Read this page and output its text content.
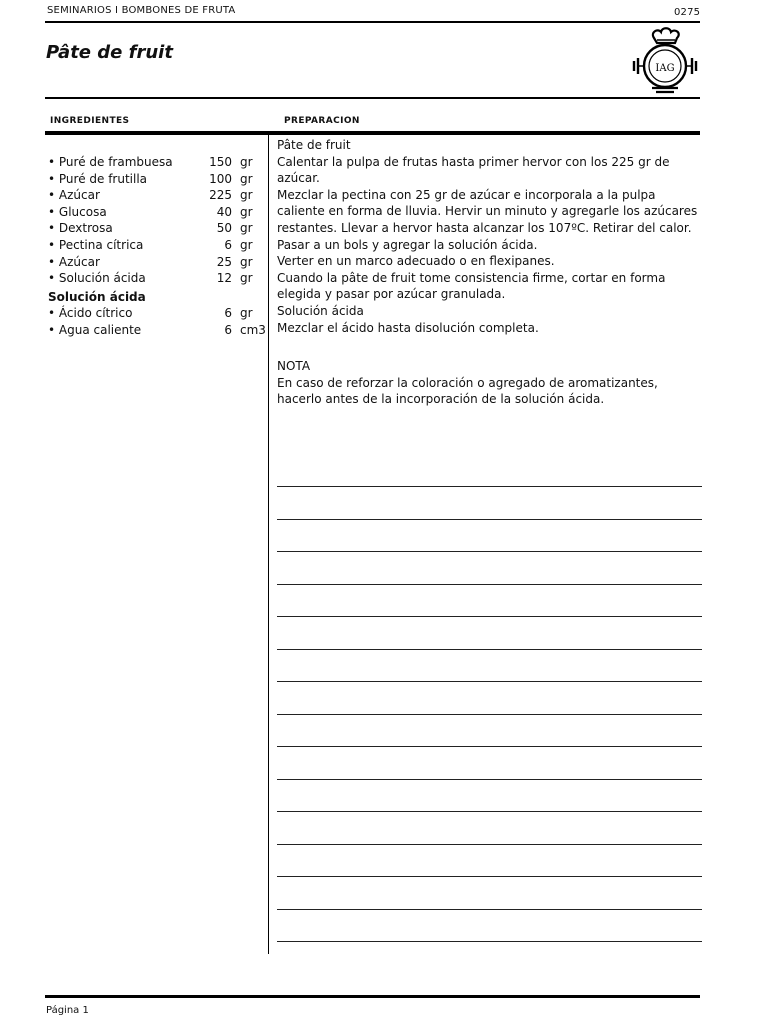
SEMINARIOS I BOMBONES DE FRUTA	0275
Pâte de fruit
IAG
INGREDIENTES	PREPARACION
• Puré de frambuesa	150 gr
• Puré de frutilla	100 gr
• Azúcar	225 gr
• Glucosa	40 gr
• Dextrosa	50 gr
• Pectina cítrica	6 gr
• Azúcar	25 gr
• Solución ácida	12 gr
Solución ácida
• Ácido cítrico	6 gr
• Agua caliente	6 cm3

Pâte de fruit

Calentar la pulpa de frutas hasta primer hervor con los 225 gr de azúcar.

Mezclar la pectina con 25 gr de azúcar e incorporala a la pulpa caliente en forma de lluvia. Hervir un minuto y agregarle los azúcares restantes. Llevar a hervor hasta alcanzar los 107ºC. Retirar del calor. Pasar a un bols y agregar la solución ácida.

Verter en un marco adecuado o en flexipanes.

Cuando la pâte de fruit tome consistencia firme, cortar en forma elegida y pasar por azúcar granulada.

Solución ácida

Mezclar el ácido hasta disolución completa.

NOTA

En caso de reforzar la coloración o agregado de aromatizantes, hacerlo antes de la incorporación de la solución ácida.

Página 1
